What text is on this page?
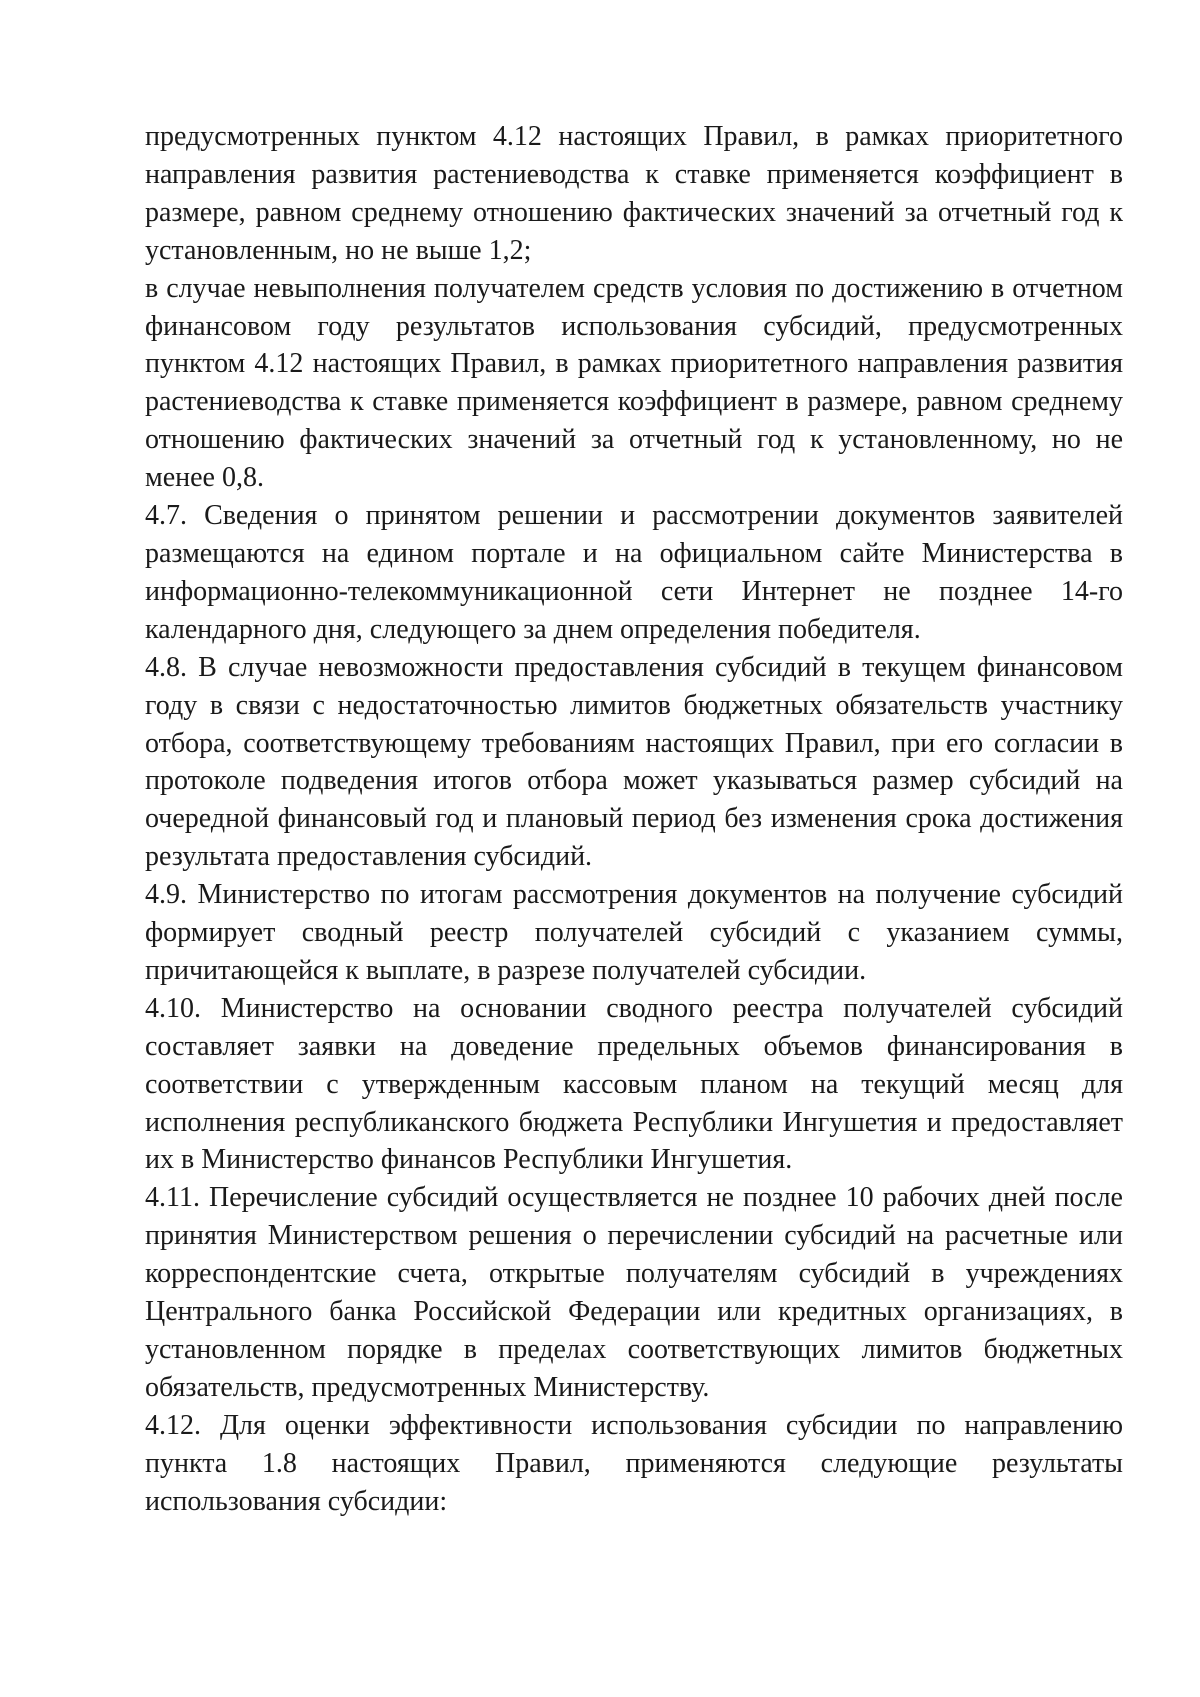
предусмотренных пунктом 4.12 настоящих Правил, в рамках приоритетного направления развития растениеводства к ставке применяется коэффициент в размере, равном среднему отношению фактических значений за отчетный год к установленным, но не выше 1,2;

в случае невыполнения получателем средств условия по достижению в отчетном финансовом году результатов использования субсидий, предусмотренных пунктом 4.12 настоящих Правил, в рамках приоритетного направления развития растениеводства к ставке применяется коэффициент в размере, равном среднему отношению фактических значений за отчетный год к установленному, но не менее 0,8.

4.7. Сведения о принятом решении и рассмотрении документов заявителей размещаются на едином портале и на официальном сайте Министерства в информационно-телекоммуникационной сети Интернет не позднее 14-го календарного дня, следующего за днем определения победителя.

4.8. В случае невозможности предоставления субсидий в текущем финансовом году в связи с недостаточностью лимитов бюджетных обязательств участнику отбора, соответствующему требованиям настоящих Правил, при его согласии в протоколе подведения итогов отбора может указываться размер субсидий на очередной финансовый год и плановый период без изменения срока достижения результата предоставления субсидий.

4.9. Министерство по итогам рассмотрения документов на получение субсидий формирует сводный реестр получателей субсидий с указанием суммы, причитающейся к выплате, в разрезе получателей субсидии.

4.10. Министерство на основании сводного реестра получателей субсидий составляет заявки на доведение предельных объемов финансирования в соответствии с утвержденным кассовым планом на текущий месяц для исполнения республиканского бюджета Республики Ингушетия и предоставляет их в Министерство финансов Республики Ингушетия.

4.11. Перечисление субсидий осуществляется не позднее 10 рабочих дней после принятия Министерством решения о перечислении субсидий на расчетные или корреспондентские счета, открытые получателям субсидий в учреждениях Центрального банка Российской Федерации или кредитных организациях, в установленном порядке в пределах соответствующих лимитов бюджетных обязательств, предусмотренных Министерству.

4.12. Для оценки эффективности использования субсидии по направлению пункта 1.8 настоящих Правил, применяются следующие результаты использования субсидии:
